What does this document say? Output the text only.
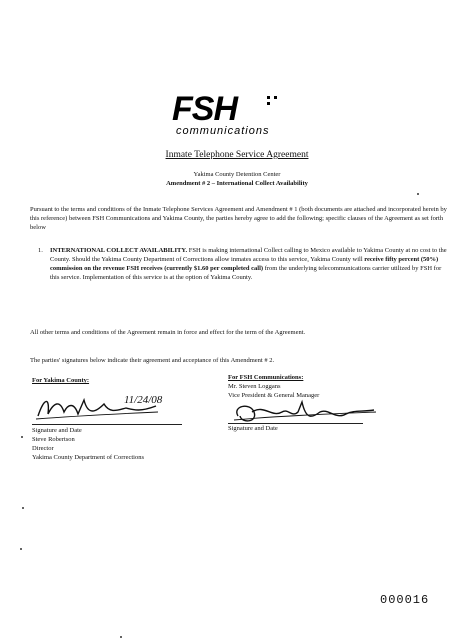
FSH
communications
Inmate Telephone Service Agreement
Yakima County Detention Center
Amendment # 2 – International Collect Availability
Pursuant to the terms and conditions of the Inmate Telephone Services Agreement and Amendment # 1 (both documents are attached and incorporated herein by this reference) between FSH Communications and Yakima County, the parties hereby agree to add the following; specific clauses of the Agreement as set forth below
1. INTERNATIONAL COLLECT AVAILABILITY. FSH is making international Collect calling to Mexico available to Yakima County at no cost to the County. Should the Yakima County Department of Corrections allow inmates access to this service, Yakima County will receive fifty percent (50%) commission on the revenue FSH receives (currently $1.60 per completed call) from the underlying telecommunications carrier utilized by FSH for this service. Implementation of this service is at the option of Yakima County.
All other terms and conditions of the Agreement remain in force and effect for the term of the Agreement.
The parties' signatures below indicate their agreement and acceptance of this Amendment # 2.
For Yakima County:
11/24/08
Signature and Date
Steve Robertson
Director
Yakima County Department of Corrections
For FSH Communications:
Mr. Steven Loggans
Vice President & General Manager
Signature and Date
000016
